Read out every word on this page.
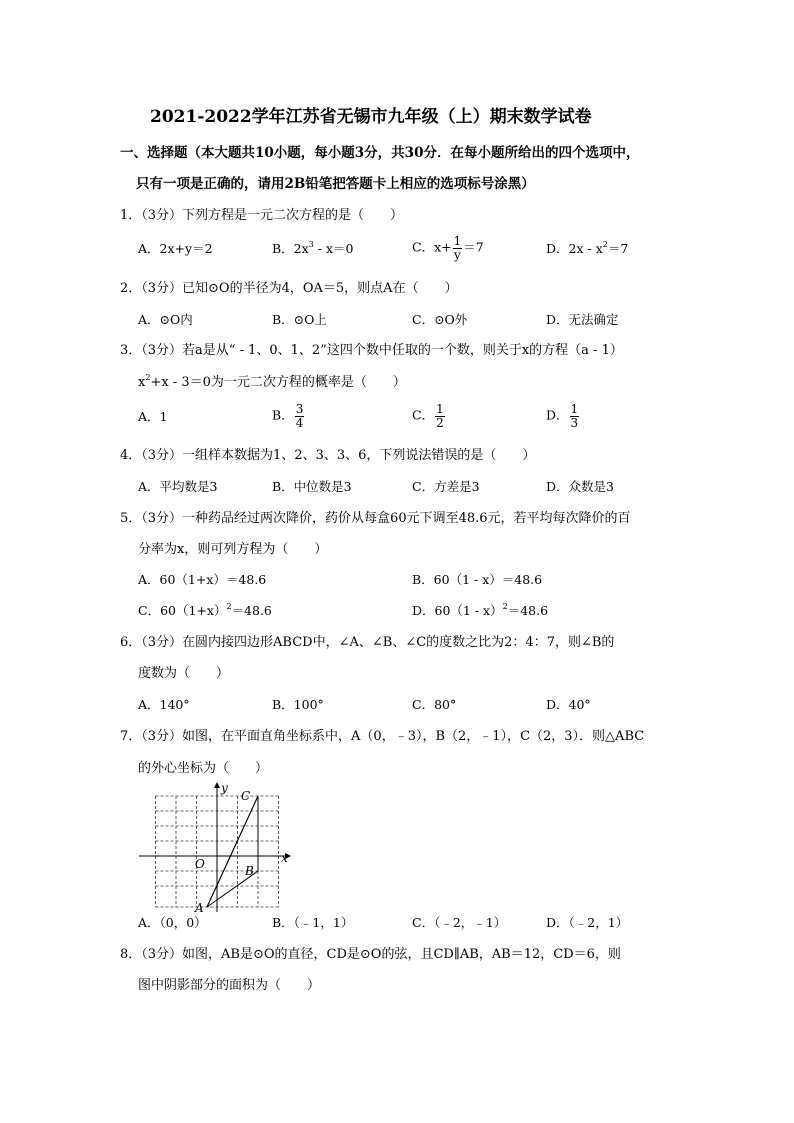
2021-2022学年江苏省无锡市九年级（上）期末数学试卷
一、选择题（本大题共10小题，每小题3分，共30分．在每小题所给出的四个选项中，
只有一项是正确的，请用2B铅笔把答题卡上相应的选项标号涂黑）
1．（3分）下列方程是一元二次方程的是（　　）
A．2x+y＝2	B．$2x^3 - x=0$	C．$x+ \frac{1}{y} =7$	D．$2x - x^2=7$
2．（3分）已知⊙O的半径为4，OA＝5，则点A在（　　）
A．⊙O内	B．⊙O上	C．⊙O外	D．无法确定
3．（3分）若a是从“ - 1、0、1、2”这四个数中任取的一个数，则关于x的方程（a - 1）
$x^2+x - 3=0$为一元二次方程的概率是（　　）
A．1	B． $\frac{3}{4}$	C． $\frac{1}{2}$	D． $\frac{1}{3}$
4．（3分）一组样本数据为1、2、3、3、6，下列说法错误的是（　　）
A．平均数是3	B．中位数是3	C．方差是3	D．众数是3
5．（3分）一种药品经过两次降价，药价从每盒60元下调至48.6元，若平均每次降价的百
分率为x，则可列方程为（　　）
A．60（1+x）＝48.6	B．60（1 - x）＝48.6
C．$60(1+x)^2=48.6$	D．60（1 - x）$^2$＝48.6
6．（3分）在圆内接四边形ABCD中，∠A、∠B、∠C的度数之比为2：4：7，则∠B的
度数为（　　）
A．140°	B．100°	C．80°	D．40°
7．（3分）如图，在平面直角坐标系中，A（0，﹣3），B（2，﹣1），C（2，3）．则△ABC
的外心坐标为（　　）
x
y
O
A
B
C
A．（0，0）	B．（﹣1，1）	C．（﹣2，﹣1）	D．（﹣2，1）
8．（3分）如图，AB是⊙O的直径，CD是⊙O的弦，且CD∥AB，AB＝12，CD＝6，则
图中阴影部分的面积为（　　）
